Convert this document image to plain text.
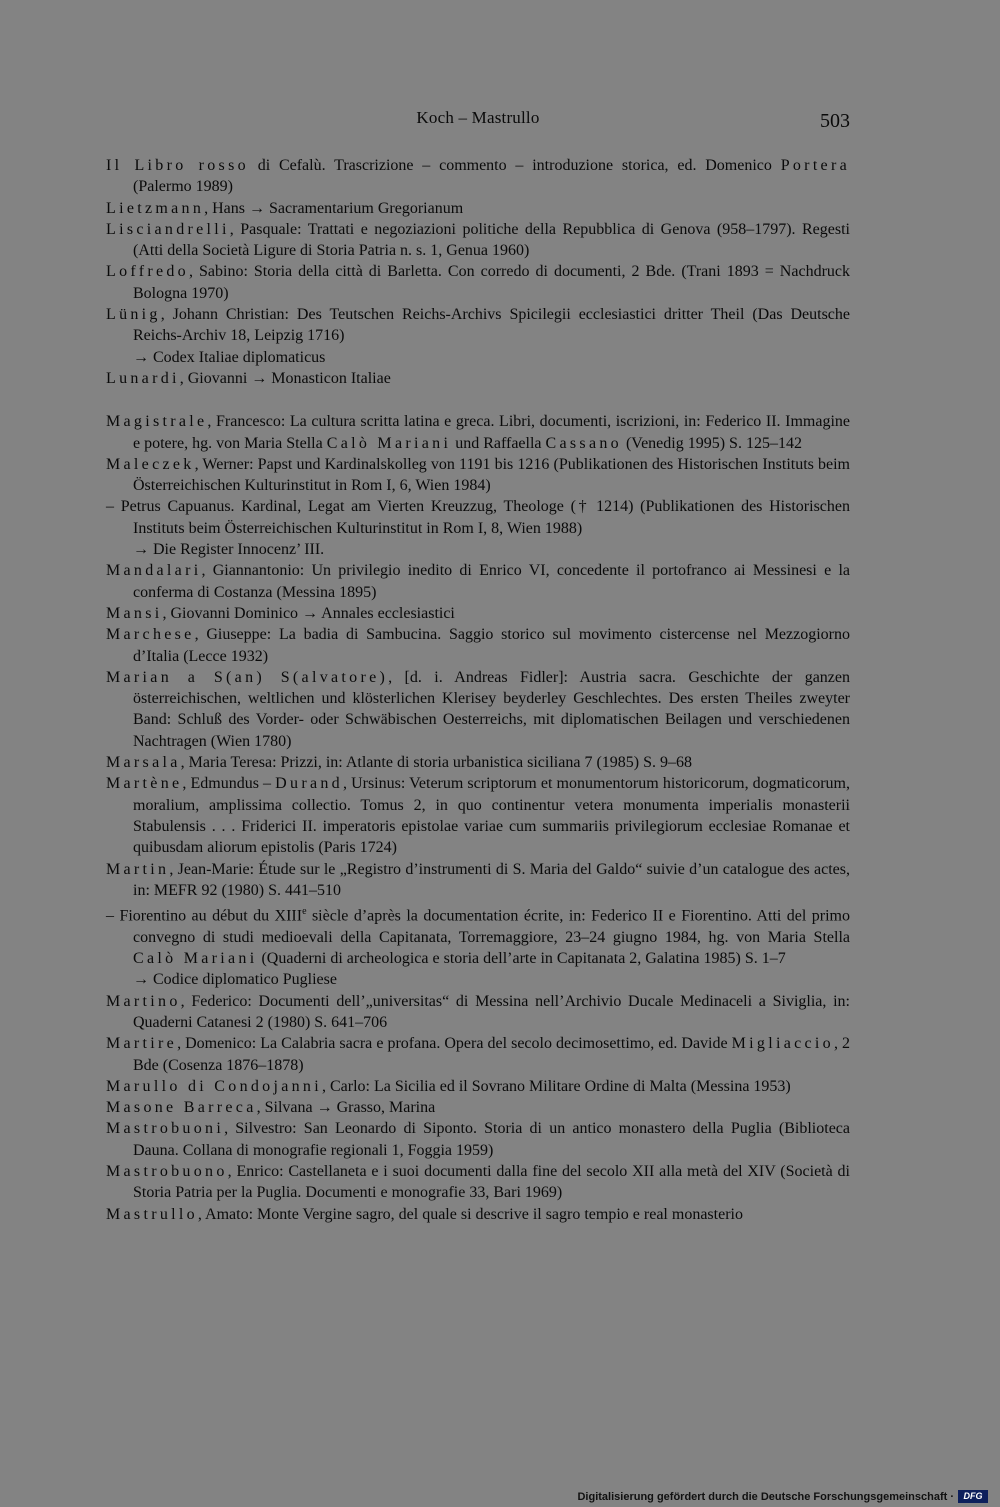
Koch – Mastrullo	503

Il Libro rosso di Cefalù. Trascrizione – commento – introduzione storica, ed. Domenico Portera (Palermo 1989)

Lietzmann, Hans → Sacramentarium Gregorianum

Lisciandrelli, Pasquale: Trattati e negoziazioni politiche della Repubblica di Genova (958–1797). Regesti (Atti della Società Ligure di Storia Patria n. s. 1, Genua 1960)

Loffredo, Sabino: Storia della città di Barletta. Con corredo di documenti, 2 Bde. (Trani 1893 = Nachdruck Bologna 1970)

Lünig, Johann Christian: Des Teutschen Reichs-Archivs Spicilegii ecclesiastici dritter Theil (Das Deutsche Reichs-Archiv 18, Leipzig 1716)

→ Codex Italiae diplomaticus

Lunardi, Giovanni → Monasticon Italiae

Magistrale, Francesco: La cultura scritta latina e greca. Libri, documenti, iscrizioni, in: Federico II. Immagine e potere, hg. von Maria Stella Calò Mariani und Raffaella Cassano (Venedig 1995) S. 125–142

Maleczek, Werner: Papst und Kardinalskolleg von 1191 bis 1216 (Publikationen des Historischen Instituts beim Österreichischen Kulturinstitut in Rom I, 6, Wien 1984)

– Petrus Capuanus. Kardinal, Legat am Vierten Kreuzzug, Theologe († 1214) (Publikationen des Historischen Instituts beim Österreichischen Kulturinstitut in Rom I, 8, Wien 1988)

→ Die Register Innocenz’ III.

Mandalari, Giannantonio: Un privilegio inedito di Enrico VI, concedente il portofranco ai Messinesi e la conferma di Costanza (Messina 1895)

Mansi, Giovanni Dominico → Annales ecclesiastici

Marchese, Giuseppe: La badia di Sambucina. Saggio storico sul movimento cistercense nel Mezzogiorno d’Italia (Lecce 1932)

Marian a S(an) S(alvatore), [d. i. Andreas Fidler]: Austria sacra. Geschichte der ganzen österreichischen, weltlichen und klösterlichen Klerisey beyderley Geschlechtes. Des ersten Theiles zweyter Band: Schluß des Vorder- oder Schwäbischen Oesterreichs, mit diplomatischen Beilagen und verschiedenen Nachtragen (Wien 1780)

Marsala, Maria Teresa: Prizzi, in: Atlante di storia urbanistica siciliana 7 (1985) S. 9–68

Martène, Edmundus – Durand, Ursinus: Veterum scriptorum et monumentorum historicorum, dogmaticorum, moralium, amplissima collectio. Tomus 2, in quo continentur vetera monumenta imperialis monasterii Stabulensis . . . Friderici II. imperatoris epistolae variae cum summariis privilegiorum ecclesiae Romanae et quibusdam aliorum epistolis (Paris 1724)

Martin, Jean-Marie: Étude sur le „Registro d’instrumenti di S. Maria del Galdo“ suivie d’un catalogue des actes, in: MEFR 92 (1980) S. 441–510

– Fiorentino au début du XIIIe siècle d’après la documentation écrite, in: Federico II e Fiorentino. Atti del primo convegno di studi medioevali della Capitanata, Torremaggiore, 23–24 giugno 1984, hg. von Maria Stella Calò Mariani (Quaderni di archeologica e storia dell’arte in Capitanata 2, Galatina 1985) S. 1–7

→ Codice diplomatico Pugliese

Martino, Federico: Documenti dell’„universitas“ di Messina nell’Archivio Ducale Medinaceli a Siviglia, in: Quaderni Catanesi 2 (1980) S. 641–706

Martire, Domenico: La Calabria sacra e profana. Opera del secolo decimosettimo, ed. Davide Migliaccio, 2 Bde (Cosenza 1876–1878)

Marullo di Condojanni, Carlo: La Sicilia ed il Sovrano Militare Ordine di Malta (Messina 1953)

Masone Barreca, Silvana → Grasso, Marina

Mastrobuoni, Silvestro: San Leonardo di Siponto. Storia di un antico monastero della Puglia (Biblioteca Dauna. Collana di monografie regionali 1, Foggia 1959)

Mastrobuono, Enrico: Castellaneta e i suoi documenti dalla fine del secolo XII alla metà del XIV (Società di Storia Patria per la Puglia. Documenti e monografie 33, Bari 1969)

Mastrullo, Amato: Monte Vergine sagro, del quale si descrive il sagro tempio e real monasterio

Digitalisierung gefördert durch die Deutsche Forschungsgemeinschaft ·	DFG
